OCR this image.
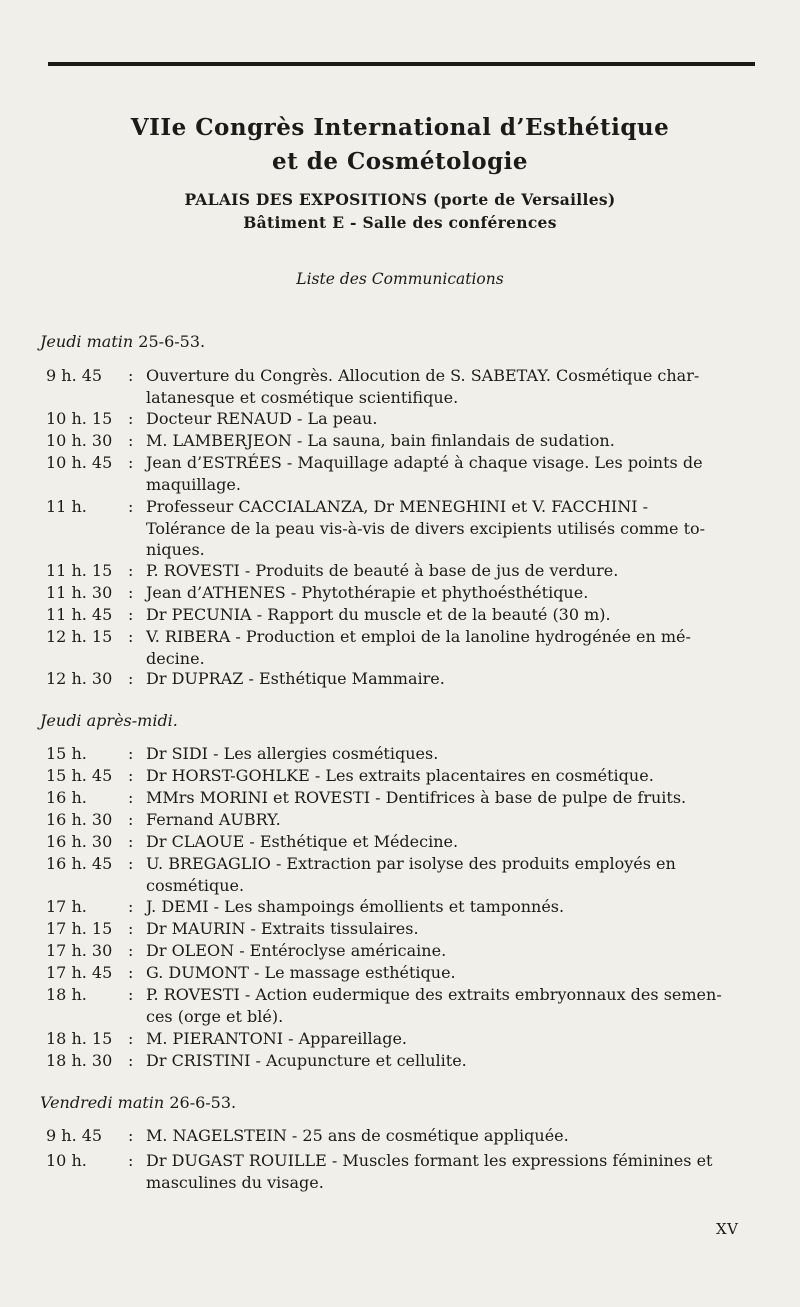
VIIe Congrès International d’Esthétique
et de Cosmétologie
PALAIS DES EXPOSITIONS (porte de Versailles)
Bâtiment E - Salle des conférences
Liste des Communications
Jeudi matin 25-6-53.
9 h. 45	: Ouverture du Congrès. Allocution de S. SABETAY. Cosmétique char-
latanesque et cosmétique scientifique.
10 h. 15 : Docteur RENAUD - La peau.
10 h. 30 : M. LAMBERJEON - La sauna, bain finlandais de sudation.
10 h. 45 : Jean d’ESTRÉES - Maquillage adapté à chaque visage. Les points de
maquillage.
11 h.	: Professeur CACCIALANZA, Dr MENEGHINI et V. FACCHINI -
Tolérance de la peau vis-à-vis de divers excipients utilisés comme to-
niques.
11 h. 15 : P. ROVESTI - Produits de beauté à base de jus de verdure.
11 h. 30 : Jean d’ATHENES - Phytothérapie et phythoésthétique.
11 h. 45 : Dr PECUNIA - Rapport du muscle et de la beauté (30 m).
12 h. 15 : V. RIBERA - Production et emploi de la lanoline hydrogénée en mé-
decine.
12 h. 30 : Dr DUPRAZ - Esthétique Mammaire.
Jeudi après-midi.
15 h.	: Dr SIDI - Les allergies cosmétiques.
15 h. 45 : Dr HORST-GOHLKE - Les extraits placentaires en cosmétique.
16 h.	: MMrs MORINI et ROVESTI - Dentifrices à base de pulpe de fruits.
16 h. 30 : Fernand AUBRY.
16 h. 30 : Dr CLAOUE - Esthétique et Médecine.
16 h. 45 : U. BREGAGLIO - Extraction par isolyse des produits employés en
cosmétique.
17 h.	: J. DEMI - Les shampoings émollients et tamponnés.
17 h. 15 : Dr MAURIN - Extraits tissulaires.
17 h. 30 : Dr OLEON - Entéroclyse américaine.
17 h. 45 : G. DUMONT - Le massage esthétique.
18 h.	: P. ROVESTI - Action eudermique des extraits embryonnaux des semen-
ces (orge et blé).
18 h. 15 : M. PIERANTONI - Appareillage.
18 h. 30 : Dr CRISTINI - Acupuncture et cellulite.
Vendredi matin 26-6-53.
9 h. 45	: M. NAGELSTEIN - 25 ans de cosmétique appliquée.
10 h.	: Dr DUGAST ROUILLE - Muscles formant les expressions féminines et
masculines du visage.
XV
